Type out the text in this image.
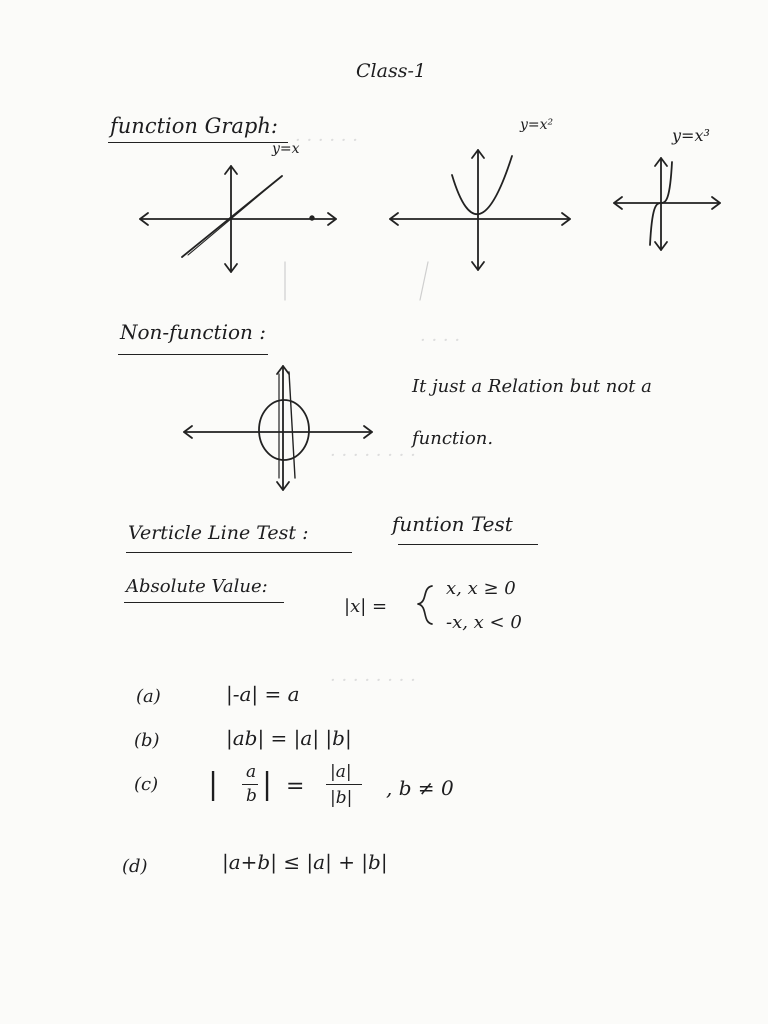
· · · · · ·
· · · ·
· · · · · · · ·
· · · · · · · ·
Class-1
function Graph:
y=x
y=x²
y=x³
Non-function :
It just a Relation but not a
function.
Verticle Line Test :	funtion Test
Absolute Value:
|x| =
x, x ≥ 0
-x, x < 0
(a)	|-a| = a
(b)	|ab| = |a| |b|
(c) | a
b | =
|a|
|b| , b ≠ 0
(d)	|a+b| ≤ |a| + |b|
